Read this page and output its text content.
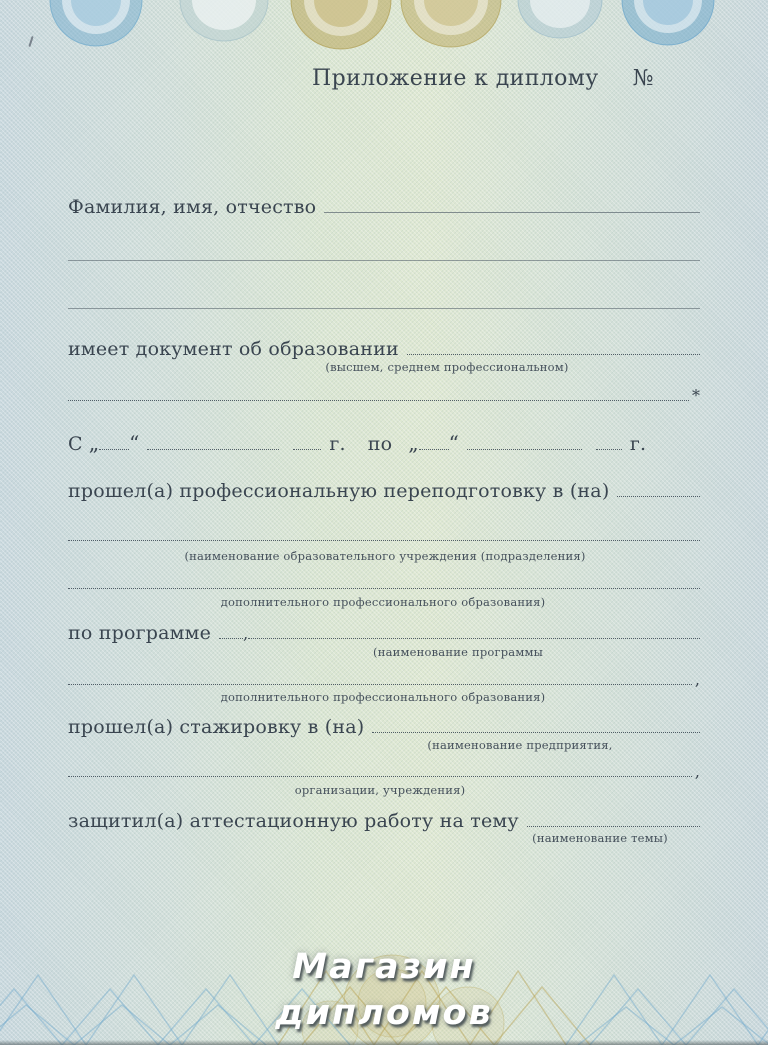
Приложение к диплому №
Фамилия, имя, отчество
имеет документ об образовании
(высшем, среднем профессиональном)
*
С „ “	г. по „ “	г.
прошел(а) профессиональную переподготовку в (на)
(наименование образовательного учреждения (подразделения)
дополнительного профессионального образования)
по программе ,
(наименование программы
,
дополнительного профессионального образования)
прошел(а) стажировку в (на)
(наименование предприятия,
,
организации, учреждения)
защитил(а) аттестационную работу на тему
(наименование темы)
Магазин
дипломов
